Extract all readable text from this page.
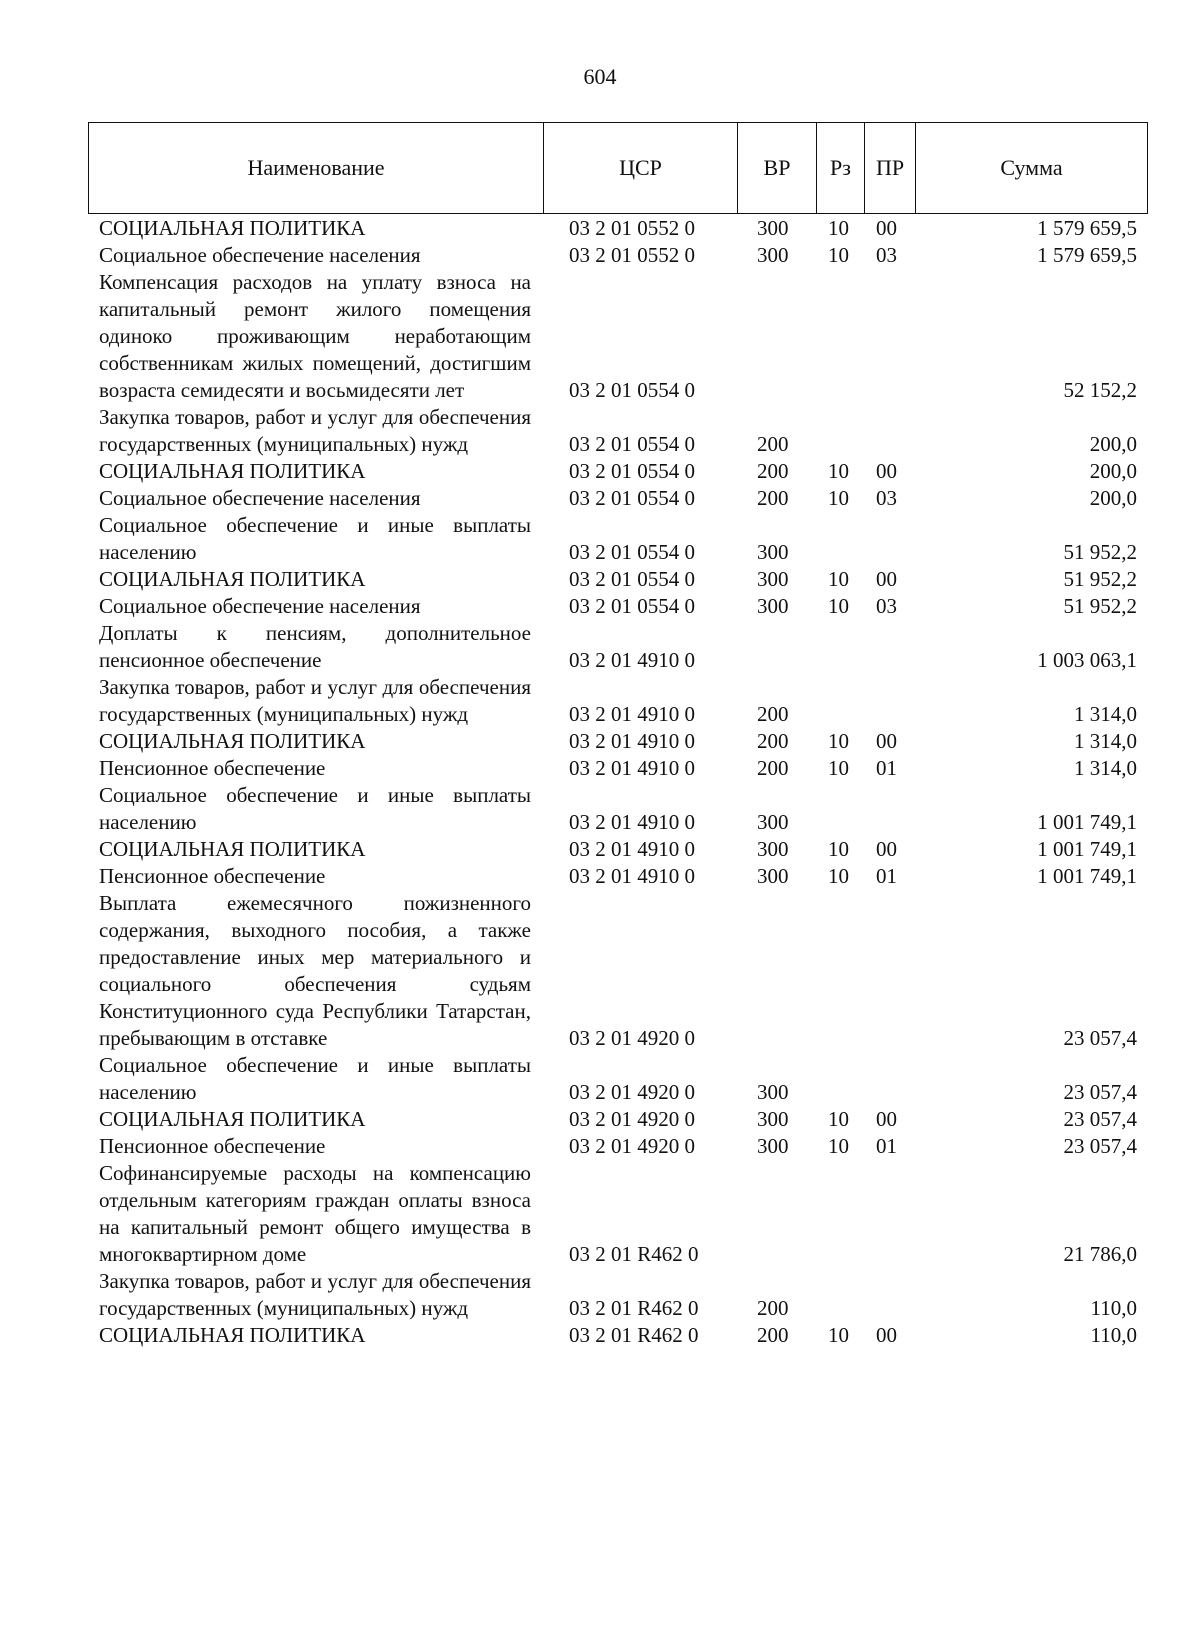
604
Наименование	ЦСР	ВР	Рз	ПР	Сумма
СОЦИАЛЬНАЯ ПОЛИТИКА	03 2 01 0552 0	300	10	00	1 579 659,5
Социальное обеспечение населения	03 2 01 0552 0	300	10	03	1 579 659,5
Компенсация расходов на уплату взноса на капитальный ремонт жилого помещения одиноко проживающим неработающим собственникам жилых помещений, достигшим возраста семидесяти и восьмидесяти лет	03 2 01 0554 0				52 152,2
Закупка товаров, работ и услуг для обеспечения государственных (муниципальных) нужд	03 2 01 0554 0	200			200,0
СОЦИАЛЬНАЯ ПОЛИТИКА	03 2 01 0554 0	200	10	00	200,0
Социальное обеспечение населения	03 2 01 0554 0	200	10	03	200,0
Социальное обеспечение и иные выплаты населению	03 2 01 0554 0	300			51 952,2
СОЦИАЛЬНАЯ ПОЛИТИКА	03 2 01 0554 0	300	10	00	51 952,2
Социальное обеспечение населения	03 2 01 0554 0	300	10	03	51 952,2
Доплаты к пенсиям, дополнительное пенсионное обеспечение	03 2 01 4910 0				1 003 063,1
Закупка товаров, работ и услуг для обеспечения государственных (муниципальных) нужд	03 2 01 4910 0	200			1 314,0
СОЦИАЛЬНАЯ ПОЛИТИКА	03 2 01 4910 0	200	10	00	1 314,0
Пенсионное обеспечение	03 2 01 4910 0	200	10	01	1 314,0
Социальное обеспечение и иные выплаты населению	03 2 01 4910 0	300			1 001 749,1
СОЦИАЛЬНАЯ ПОЛИТИКА	03 2 01 4910 0	300	10	00	1 001 749,1
Пенсионное обеспечение	03 2 01 4910 0	300	10	01	1 001 749,1
Выплата ежемесячного пожизненного содержания, выходного пособия, а также предоставление иных мер материального и социального обеспечения судьям Конституционного суда Республики Татарстан, пребывающим в отставке	03 2 01 4920 0				23 057,4
Социальное обеспечение и иные выплаты населению	03 2 01 4920 0	300			23 057,4
СОЦИАЛЬНАЯ ПОЛИТИКА	03 2 01 4920 0	300	10	00	23 057,4
Пенсионное обеспечение	03 2 01 4920 0	300	10	01	23 057,4
Софинансируемые расходы на компенсацию отдельным категориям граждан оплаты взноса на капитальный ремонт общего имущества в многоквартирном доме	03 2 01 R462 0				21 786,0
Закупка товаров, работ и услуг для обеспечения государственных (муниципальных) нужд	03 2 01 R462 0	200			110,0
СОЦИАЛЬНАЯ ПОЛИТИКА	03 2 01 R462 0	200	10	00	110,0
